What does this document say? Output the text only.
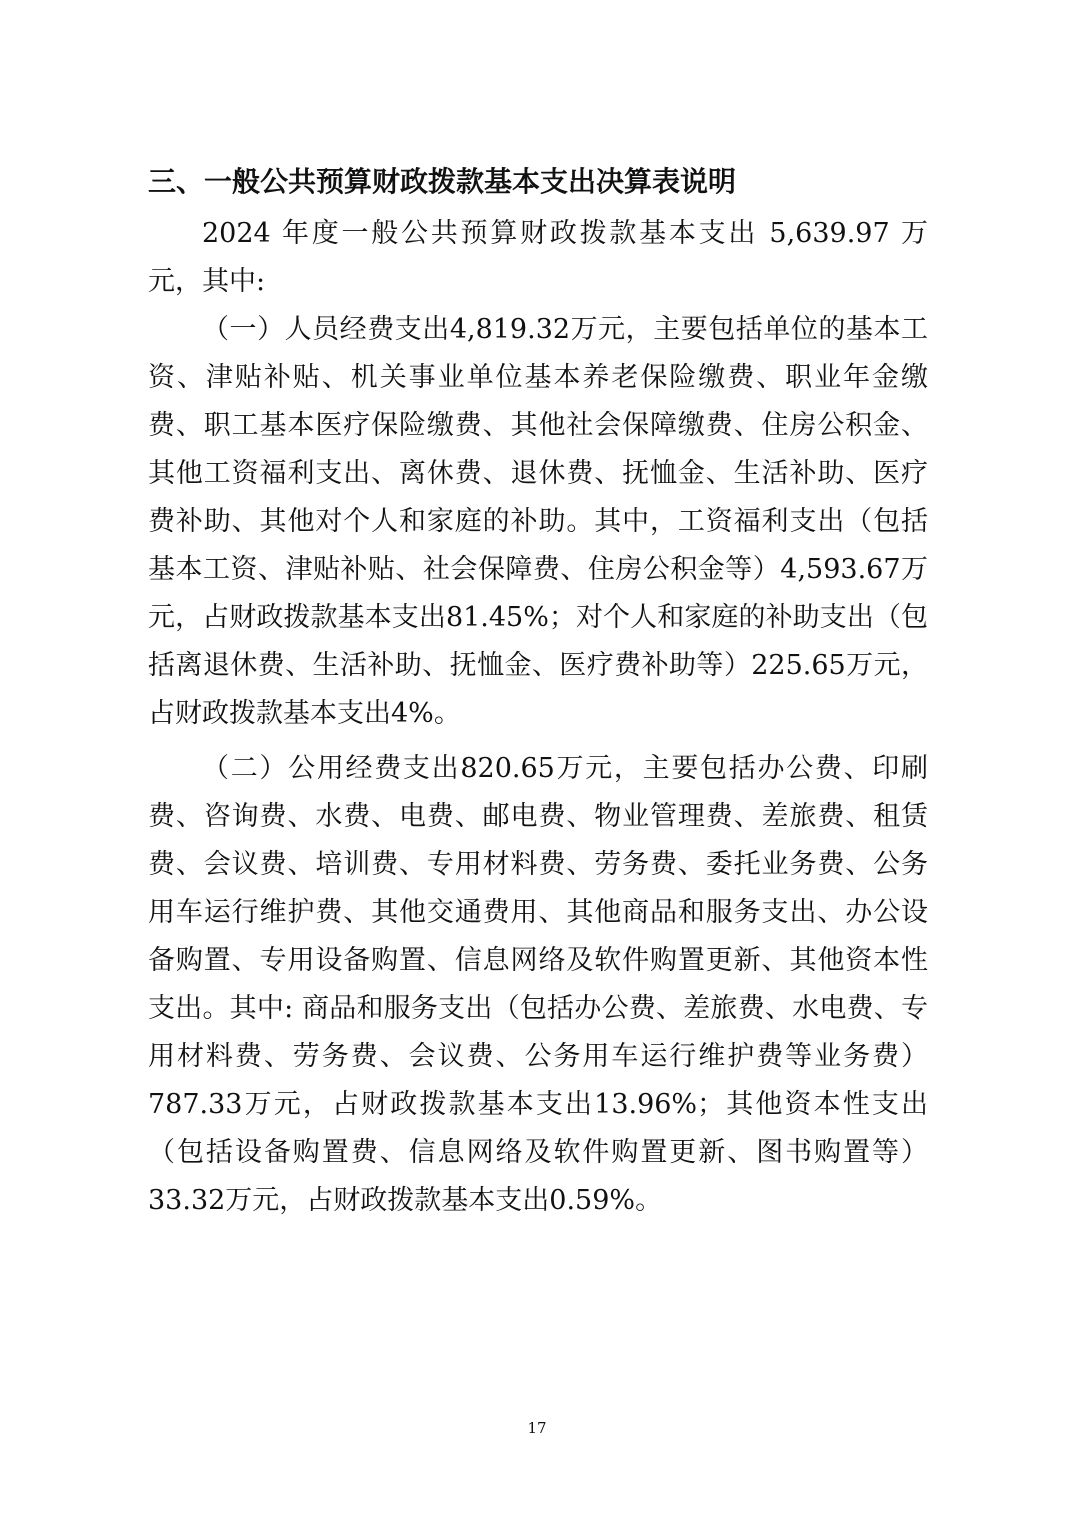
三、一般公共预算财政拨款基本支出决算表说明

2024 年度一般公共预算财政拨款基本支出 5,639.97 万元，其中:

（一）人员经费支出4,819.32万元，主要包括单位的基本工资、津贴补贴、机关事业单位基本养老保险缴费、职业年金缴费、职工基本医疗保险缴费、其他社会保障缴费、住房公积金、其他工资福利支出、离休费、退休费、抚恤金、生活补助、医疗费补助、其他对个人和家庭的补助。其中，工资福利支出（包括基本工资、津贴补贴、社会保障费、住房公积金等）4,593.67万元，占财政拨款基本支出81.45%；对个人和家庭的补助支出（包括离退休费、生活补助、抚恤金、医疗费补助等）225.65万元，占财政拨款基本支出4%。

（二）公用经费支出820.65万元，主要包括办公费、印刷费、咨询费、水费、电费、邮电费、物业管理费、差旅费、租赁费、会议费、培训费、专用材料费、劳务费、委托业务费、公务用车运行维护费、其他交通费用、其他商品和服务支出、办公设备购置、专用设备购置、信息网络及软件购置更新、其他资本性支出。其中: 商品和服务支出（包括办公费、差旅费、水电费、专用材料费、劳务费、会议费、公务用车运行维护费等业务费）787.33万元，占财政拨款基本支出13.96%；其他资本性支出（包括设备购置费、信息网络及软件购置更新、图书购置等）33.32万元，占财政拨款基本支出0.59%。

17
